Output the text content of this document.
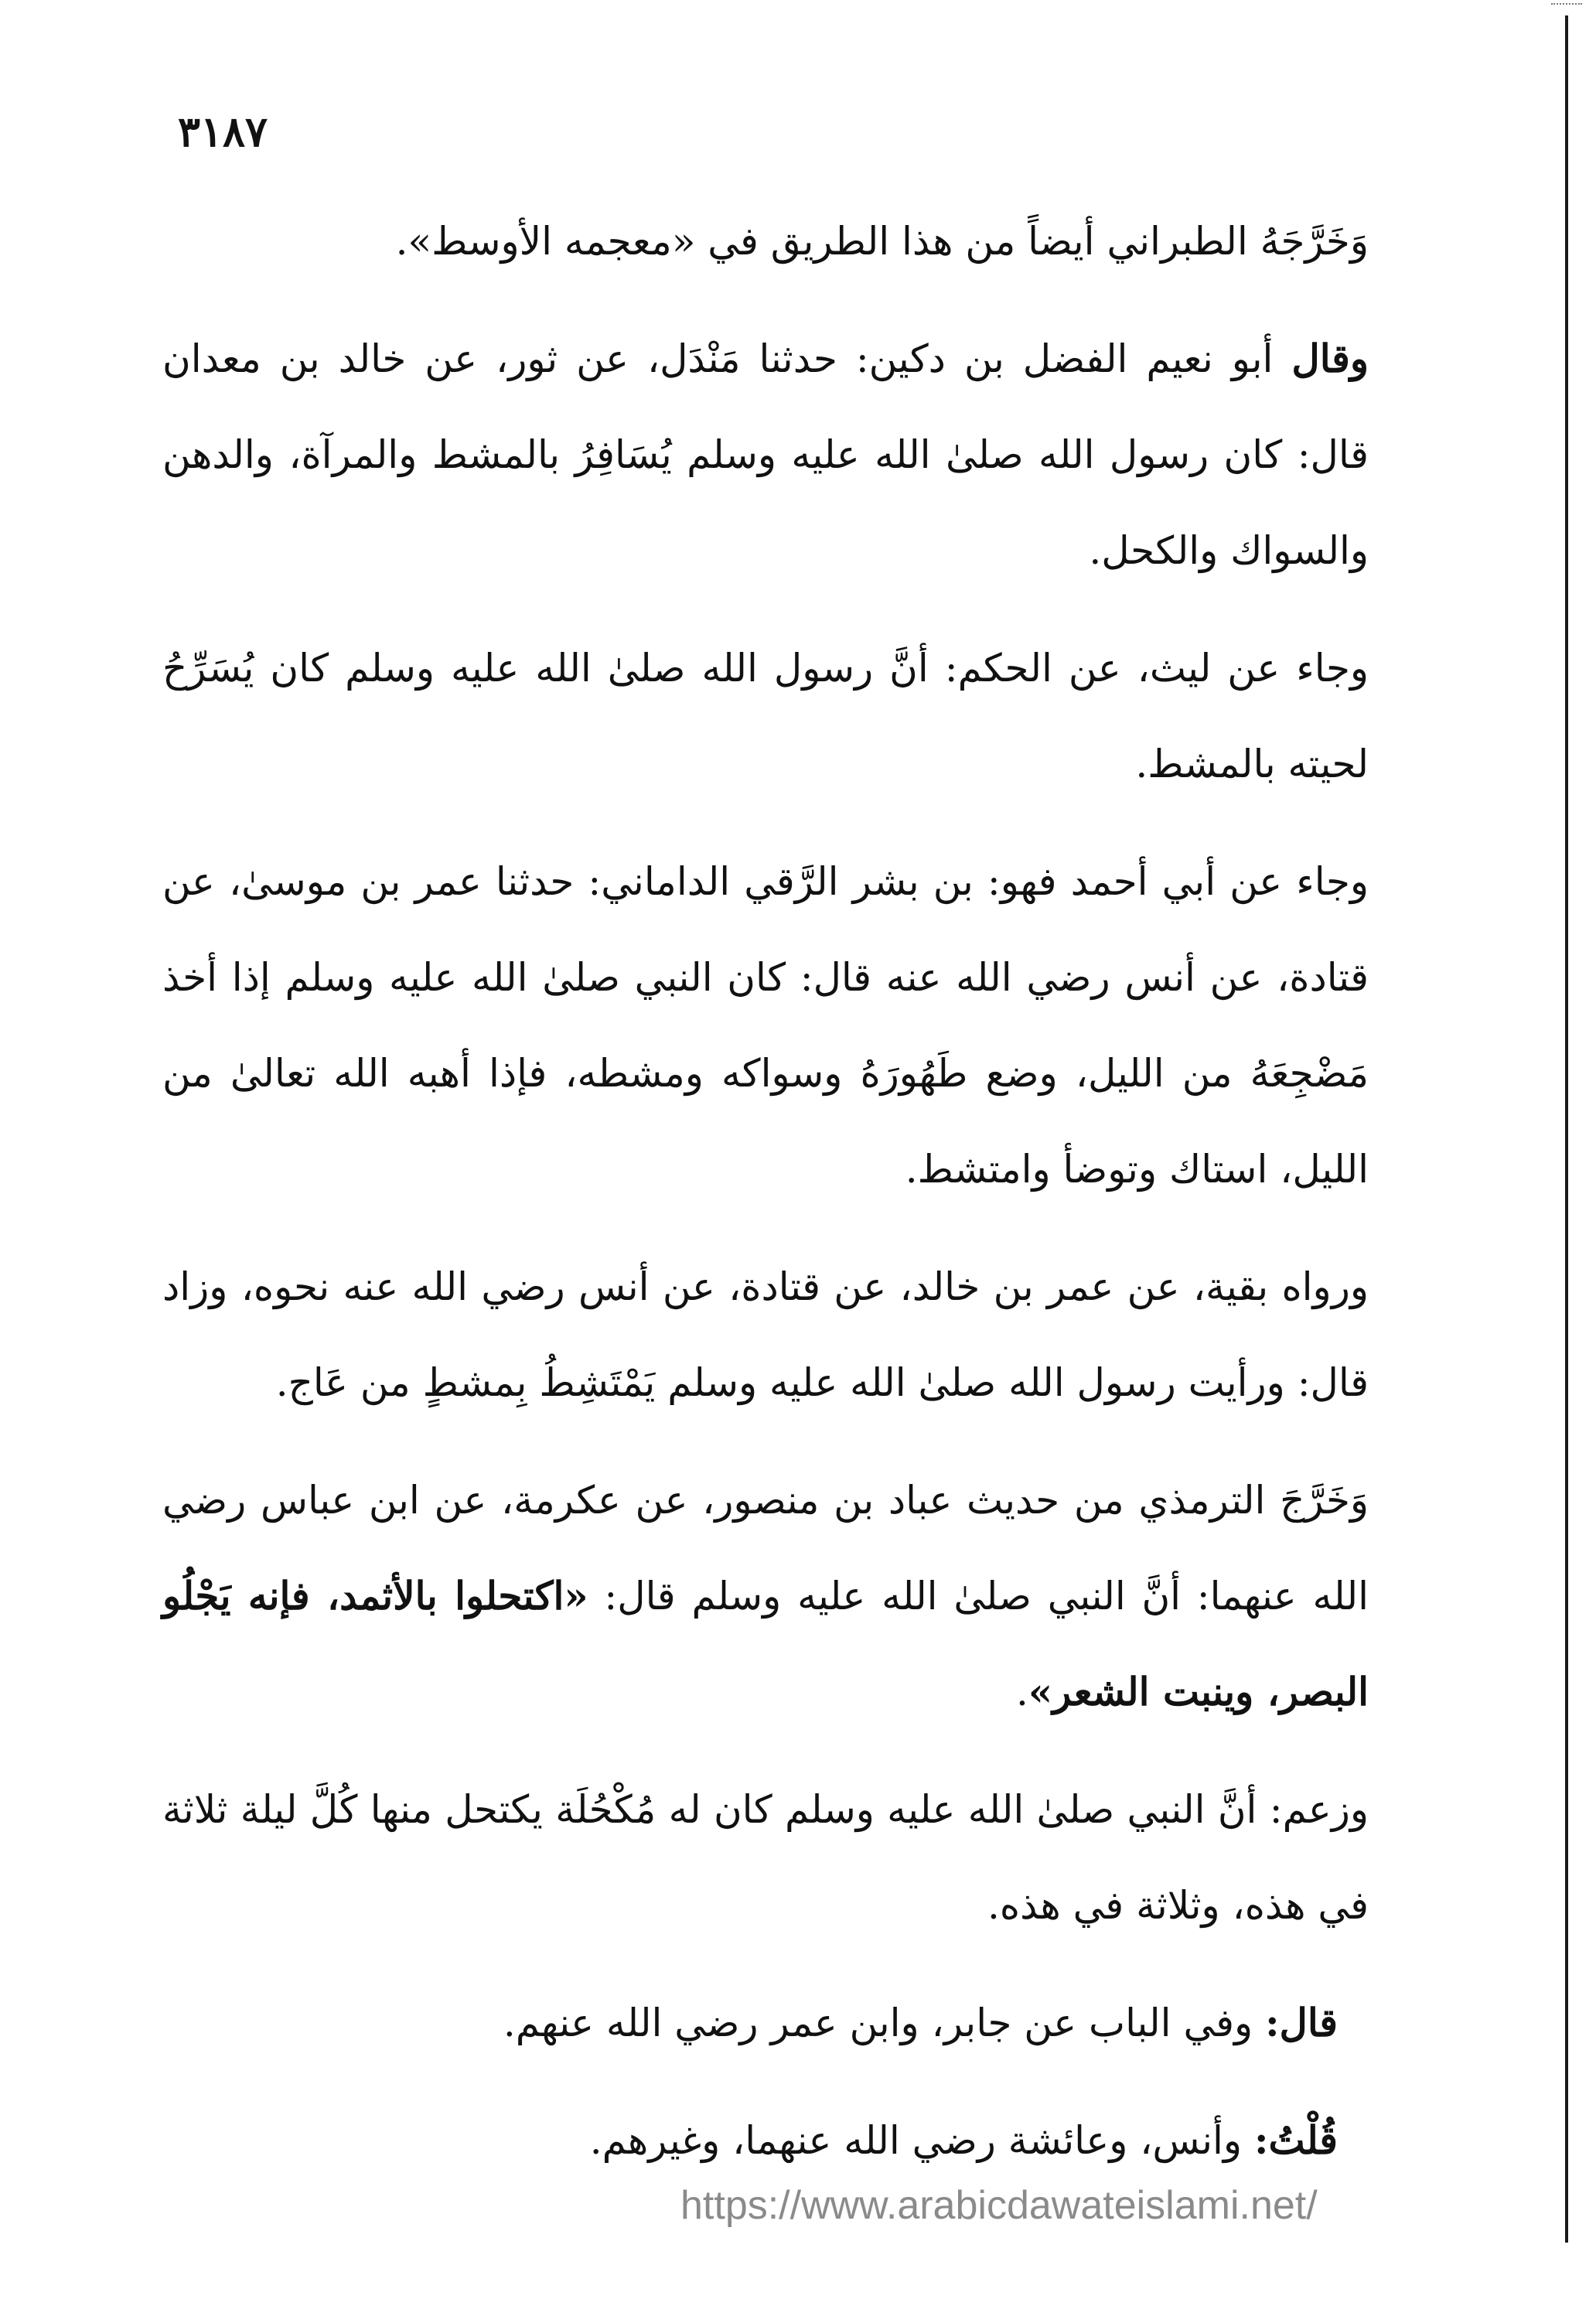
٣١٨٧

وَخَرَّجَهُ الطبراني أيضاً من هذا الطريق في «معجمه الأوسط».

وقال أبو نعيم الفضل بن دكين: حدثنا مَنْدَل، عن ثور، عن خالد بن معدان قال: كان رسول الله صلىٰ الله عليه وسلم يُسَافِرُ بالمشط والمرآة، والدهن والسواك والكحل.

وجاء عن ليث، عن الحكم: أنَّ رسول الله صلىٰ الله عليه وسلم كان يُسَرِّحُ لحيته بالمشط.

وجاء عن أبي أحمد فهو: بن بشر الرَّقي الداماني: حدثنا عمر بن موسىٰ، عن قتادة، عن أنس رضي الله عنه قال: كان النبي صلىٰ الله عليه وسلم إذا أخذ مَضْجِعَهُ من الليل، وضع طَهُورَهُ وسواكه ومشطه، فإذا أهبه الله تعالىٰ من الليل، استاك وتوضأ وامتشط.

ورواه بقية، عن عمر بن خالد، عن قتادة، عن أنس رضي الله عنه نحوه، وزاد قال: ورأيت رسول الله صلىٰ الله عليه وسلم يَمْتَشِطُ بِمشطٍ من عَاج.

وَخَرَّجَ الترمذي من حديث عباد بن منصور، عن عكرمة، عن ابن عباس رضي الله عنهما: أنَّ النبي صلىٰ الله عليه وسلم قال: «اكتحلوا بالأثمد، فإنه يَجْلُو البصر، وينبت الشعر».

وزعم: أنَّ النبي صلىٰ الله عليه وسلم كان له مُكْحُلَة يكتحل منها كُلَّ ليلة ثلاثة في هذه، وثلاثة في هذه.

قال: وفي الباب عن جابر، وابن عمر رضي الله عنهم.

قُلْتُ: وأنس، وعائشة رضي الله عنهما، وغيرهم.

https://www.arabicdawateislami.net/
